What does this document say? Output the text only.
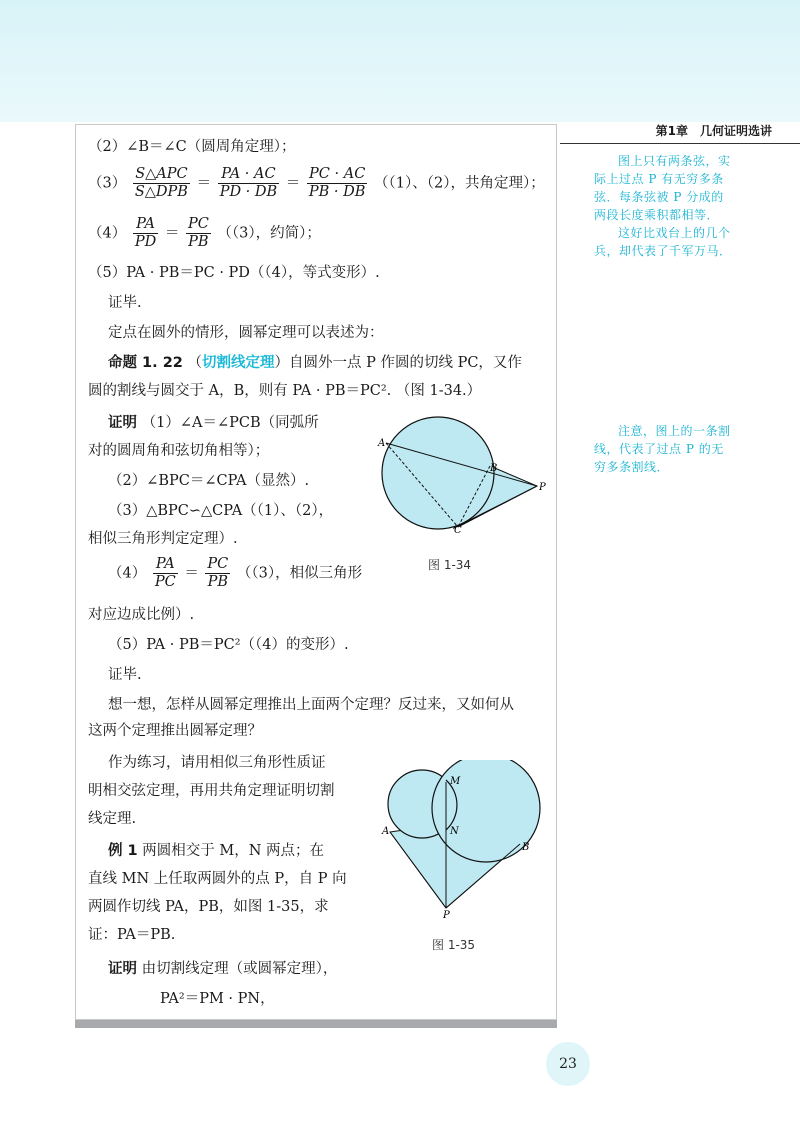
第1章　几何证明选讲
（2）∠B＝∠C（圆周角定理）；
$(3) \frac{\text{S△APC}}{\text{S△DPB}} = \frac{PA \cdot AC}{PD \cdot DB} = \frac{PC \cdot AC}{PB \cdot DB} ((1)$、（2），共角定理）；
$(4) \frac{PA}{PD} = \frac{PC}{PB} ((3)$，约简）；
（5）PA · PB＝PC · PD（（4），等式变形）.
证毕.
定点在圆外的情形，圆幂定理可以表述为：
命题 1. 22 （切割线定理）自圆外一点 P 作圆的切线 PC，又作
圆的割线与圆交于 A，B，则有 PA · PB＝PC². （图 1-34.）
证明 （1）∠A＝∠PCB（同弧所
对的圆周角和弦切角相等）；
（2）∠BPC＝∠CPA（显然）.
（3）△BPC∽△CPA（（1）、（2），
相似三角形判定定理）.
$(4) \frac{PA}{PC} = \frac{PC}{PB} ((3)$，相似三角形
对应边成比例）.
（5）PA · PB＝PC²（（4）的变形）.
证毕.
想一想，怎样从圆幂定理推出上面两个定理？反过来，又如何从
这两个定理推出圆幂定理？
作为练习，请用相似三角形性质证
明相交弦定理，再用共角定理证明切割
线定理.
例 1 两圆相交于 M，N 两点；在
直线 MN 上任取两圆外的点 P，自 P 向
两圆作切线 PA，PB，如图 1-35，求
证：PA＝PB.
证明 由切割线定理（或圆幂定理），
PA²＝PM · PN，
A
B
C
P
图 1-34
M
N
A
B
P
图 1-35

图上只有两条弦，实际上过点 P 有无穷多条弦．每条弦被 P 分成的两段长度乘积都相等．

这好比戏台上的几个兵，却代表了千军万马．

注意，图上的一条割线，代表了过点 P 的无穷多条割线．

23
